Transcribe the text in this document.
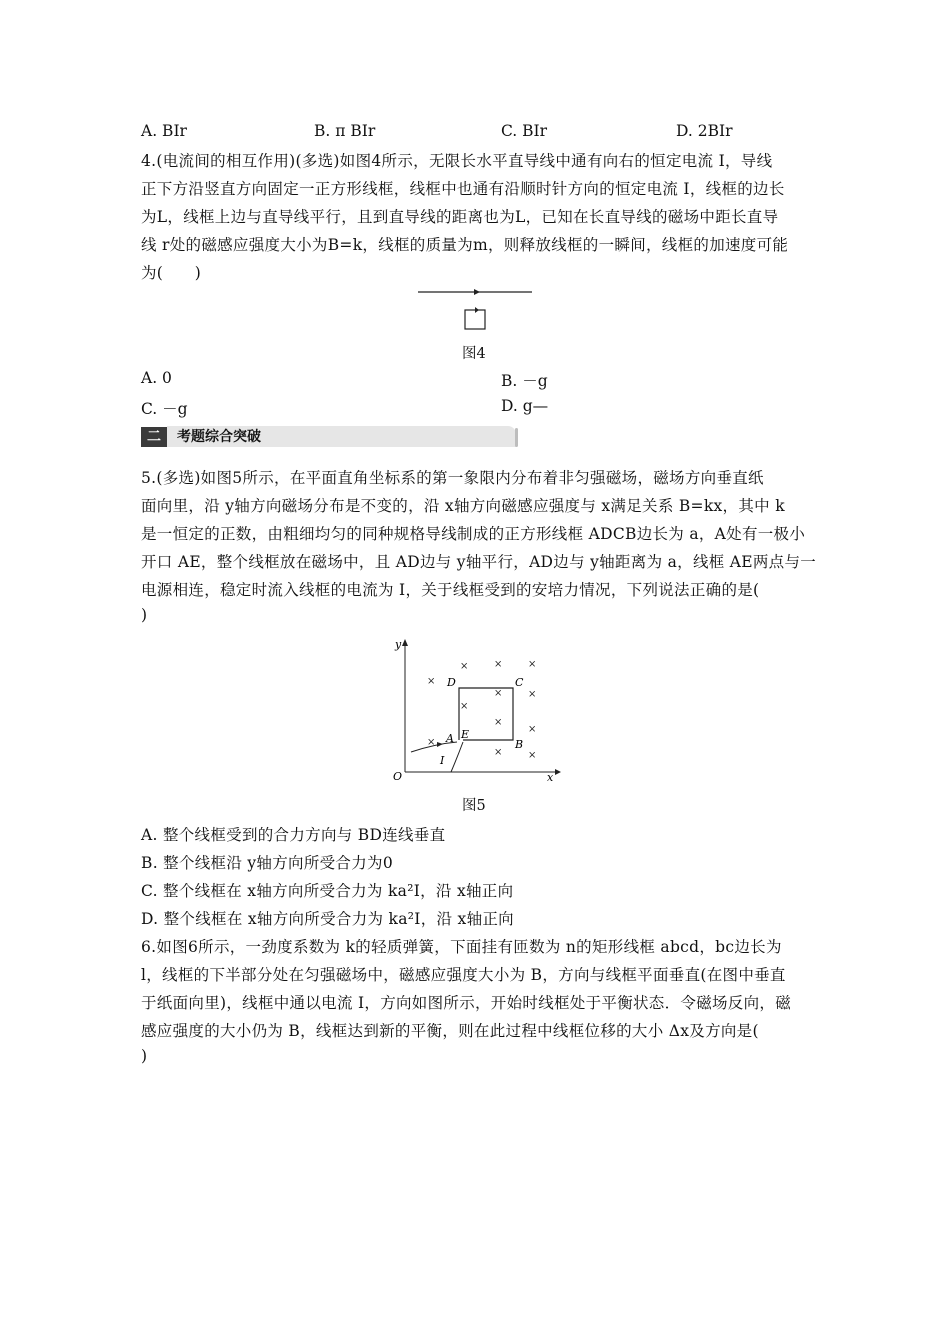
A. BIr	B. π BIr	C. BIr	D. 2BIr
4.(电流间的相互作用)(多选)如图4所示，无限长水平直导线中通有向右的恒定电流 I，导线
正下方沿竖直方向固定一正方形线框，线框中也通有沿顺时针方向的恒定电流 I，线框的边长
为L，线框上边与直导线平行，且到直导线的距离也为L，已知在长直导线的磁场中距长直导
线 r处的磁感应强度大小为B=k，线框的质量为m，则释放线框的一瞬间，线框的加速度可能
为(　　)
图4
A. 0	B. －g
C. －g	D. g—
二	考题综合突破
5.(多选)如图5所示，在平面直角坐标系的第一象限内分布着非匀强磁场，磁场方向垂直纸
面向里，沿 y轴方向磁场分布是不变的，沿 x轴方向磁感应强度与 x满足关系 B=kx，其中 k
是一恒定的正数，由粗细均匀的同种规格导线制成的正方形线框 ADCB边长为 a，A处有一极小
开口 AE，整个线框放在磁场中，且 AD边与 y轴平行，AD边与 y轴距离为 a，线框 AE两点与一
电源相连，稳定时流入线框的电流为 I，关于线框受到的安培力情况，下列说法正确的是(
)
y
x
O
D	C
A E
B
I
×	×	×
×
×	×
×
×
×
×
×	×
图5
A. 整个线框受到的合力方向与 BD连线垂直
B. 整个线框沿 y轴方向所受合力为0
C. 整个线框在 x轴方向所受合力为 ka²I，沿 x轴正向
D. 整个线框在 x轴方向所受合力为 ka²I，沿 x轴正向
6.如图6所示，一劲度系数为 k的轻质弹簧，下面挂有匝数为 n的矩形线框 abcd，bc边长为
l，线框的下半部分处在匀强磁场中，磁感应强度大小为 B，方向与线框平面垂直(在图中垂直
于纸面向里)，线框中通以电流 I，方向如图所示，开始时线框处于平衡状态．令磁场反向，磁
感应强度的大小仍为 B，线框达到新的平衡，则在此过程中线框位移的大小 Δx及方向是(
)
